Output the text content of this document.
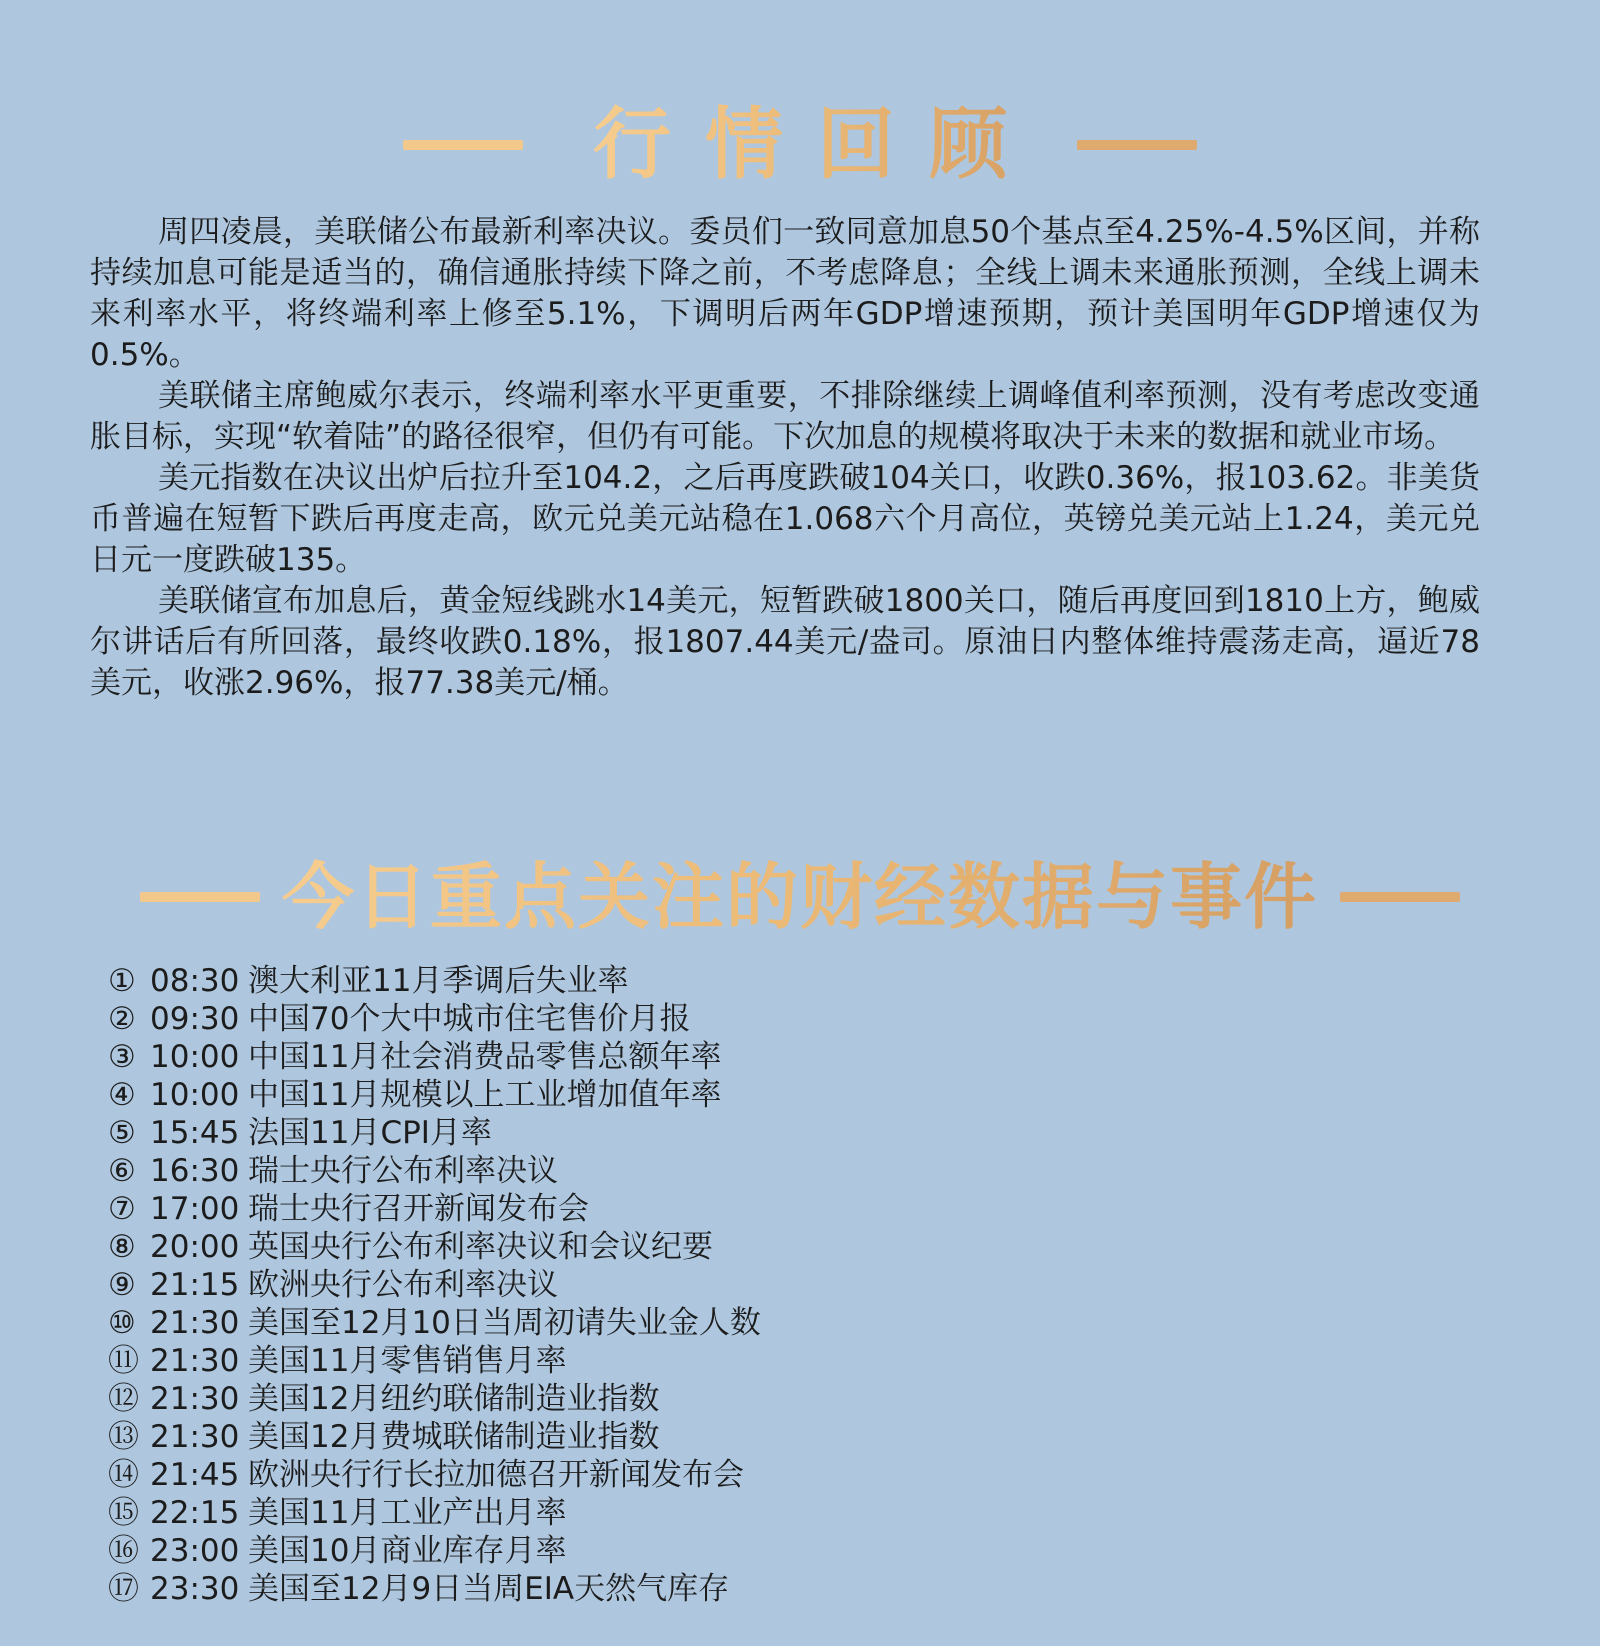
行情回顾

周四凌晨，美联储公布最新利率决议。委员们一致同意加息50个基点至4.25%-4.5%区间，并称持续加息可能是适当的，确信通胀持续下降之前，不考虑降息；全线上调未来通胀预测，全线上调未来利率水平，将终端利率上修至5.1%，下调明后两年GDP增速预期，预计美国明年GDP增速仅为0.5%。

美联储主席鲍威尔表示，终端利率水平更重要，不排除继续上调峰值利率预测，没有考虑改变通胀目标，实现“软着陆”的路径很窄，但仍有可能。下次加息的规模将取决于未来的数据和就业市场。

美元指数在决议出炉后拉升至104.2，之后再度跌破104关口，收跌0.36%，报103.62。非美货币普遍在短暂下跌后再度走高，欧元兑美元站稳在1.068六个月高位，英镑兑美元站上1.24，美元兑日元一度跌破135。

美联储宣布加息后，黄金短线跳水14美元，短暂跌破1800关口，随后再度回到1810上方，鲍威尔讲话后有所回落，最终收跌0.18%，报1807.44美元/盎司。原油日内整体维持震荡走高，逼近78美元，收涨2.96%，报77.38美元/桶。

今日重点关注的财经数据与事件
① 08:30 澳大利亚11月季调后失业率
② 09:30 中国70个大中城市住宅售价月报
③ 10:00 中国11月社会消费品零售总额年率
④ 10:00 中国11月规模以上工业增加值年率
⑤ 15:45 法国11月CPI月率
⑥ 16:30 瑞士央行公布利率决议
⑦ 17:00 瑞士央行召开新闻发布会
⑧ 20:00 英国央行公布利率决议和会议纪要
⑨ 21:15 欧洲央行公布利率决议
⑩ 21:30 美国至12月10日当周初请失业金人数
⑪ 21:30 美国11月零售销售月率
⑫ 21:30 美国12月纽约联储制造业指数
⑬ 21:30 美国12月费城联储制造业指数
⑭ 21:45 欧洲央行行长拉加德召开新闻发布会
⑮ 22:15 美国11月工业产出月率
⑯ 23:00 美国10月商业库存月率
⑰ 23:30 美国至12月9日当周EIA天然气库存
